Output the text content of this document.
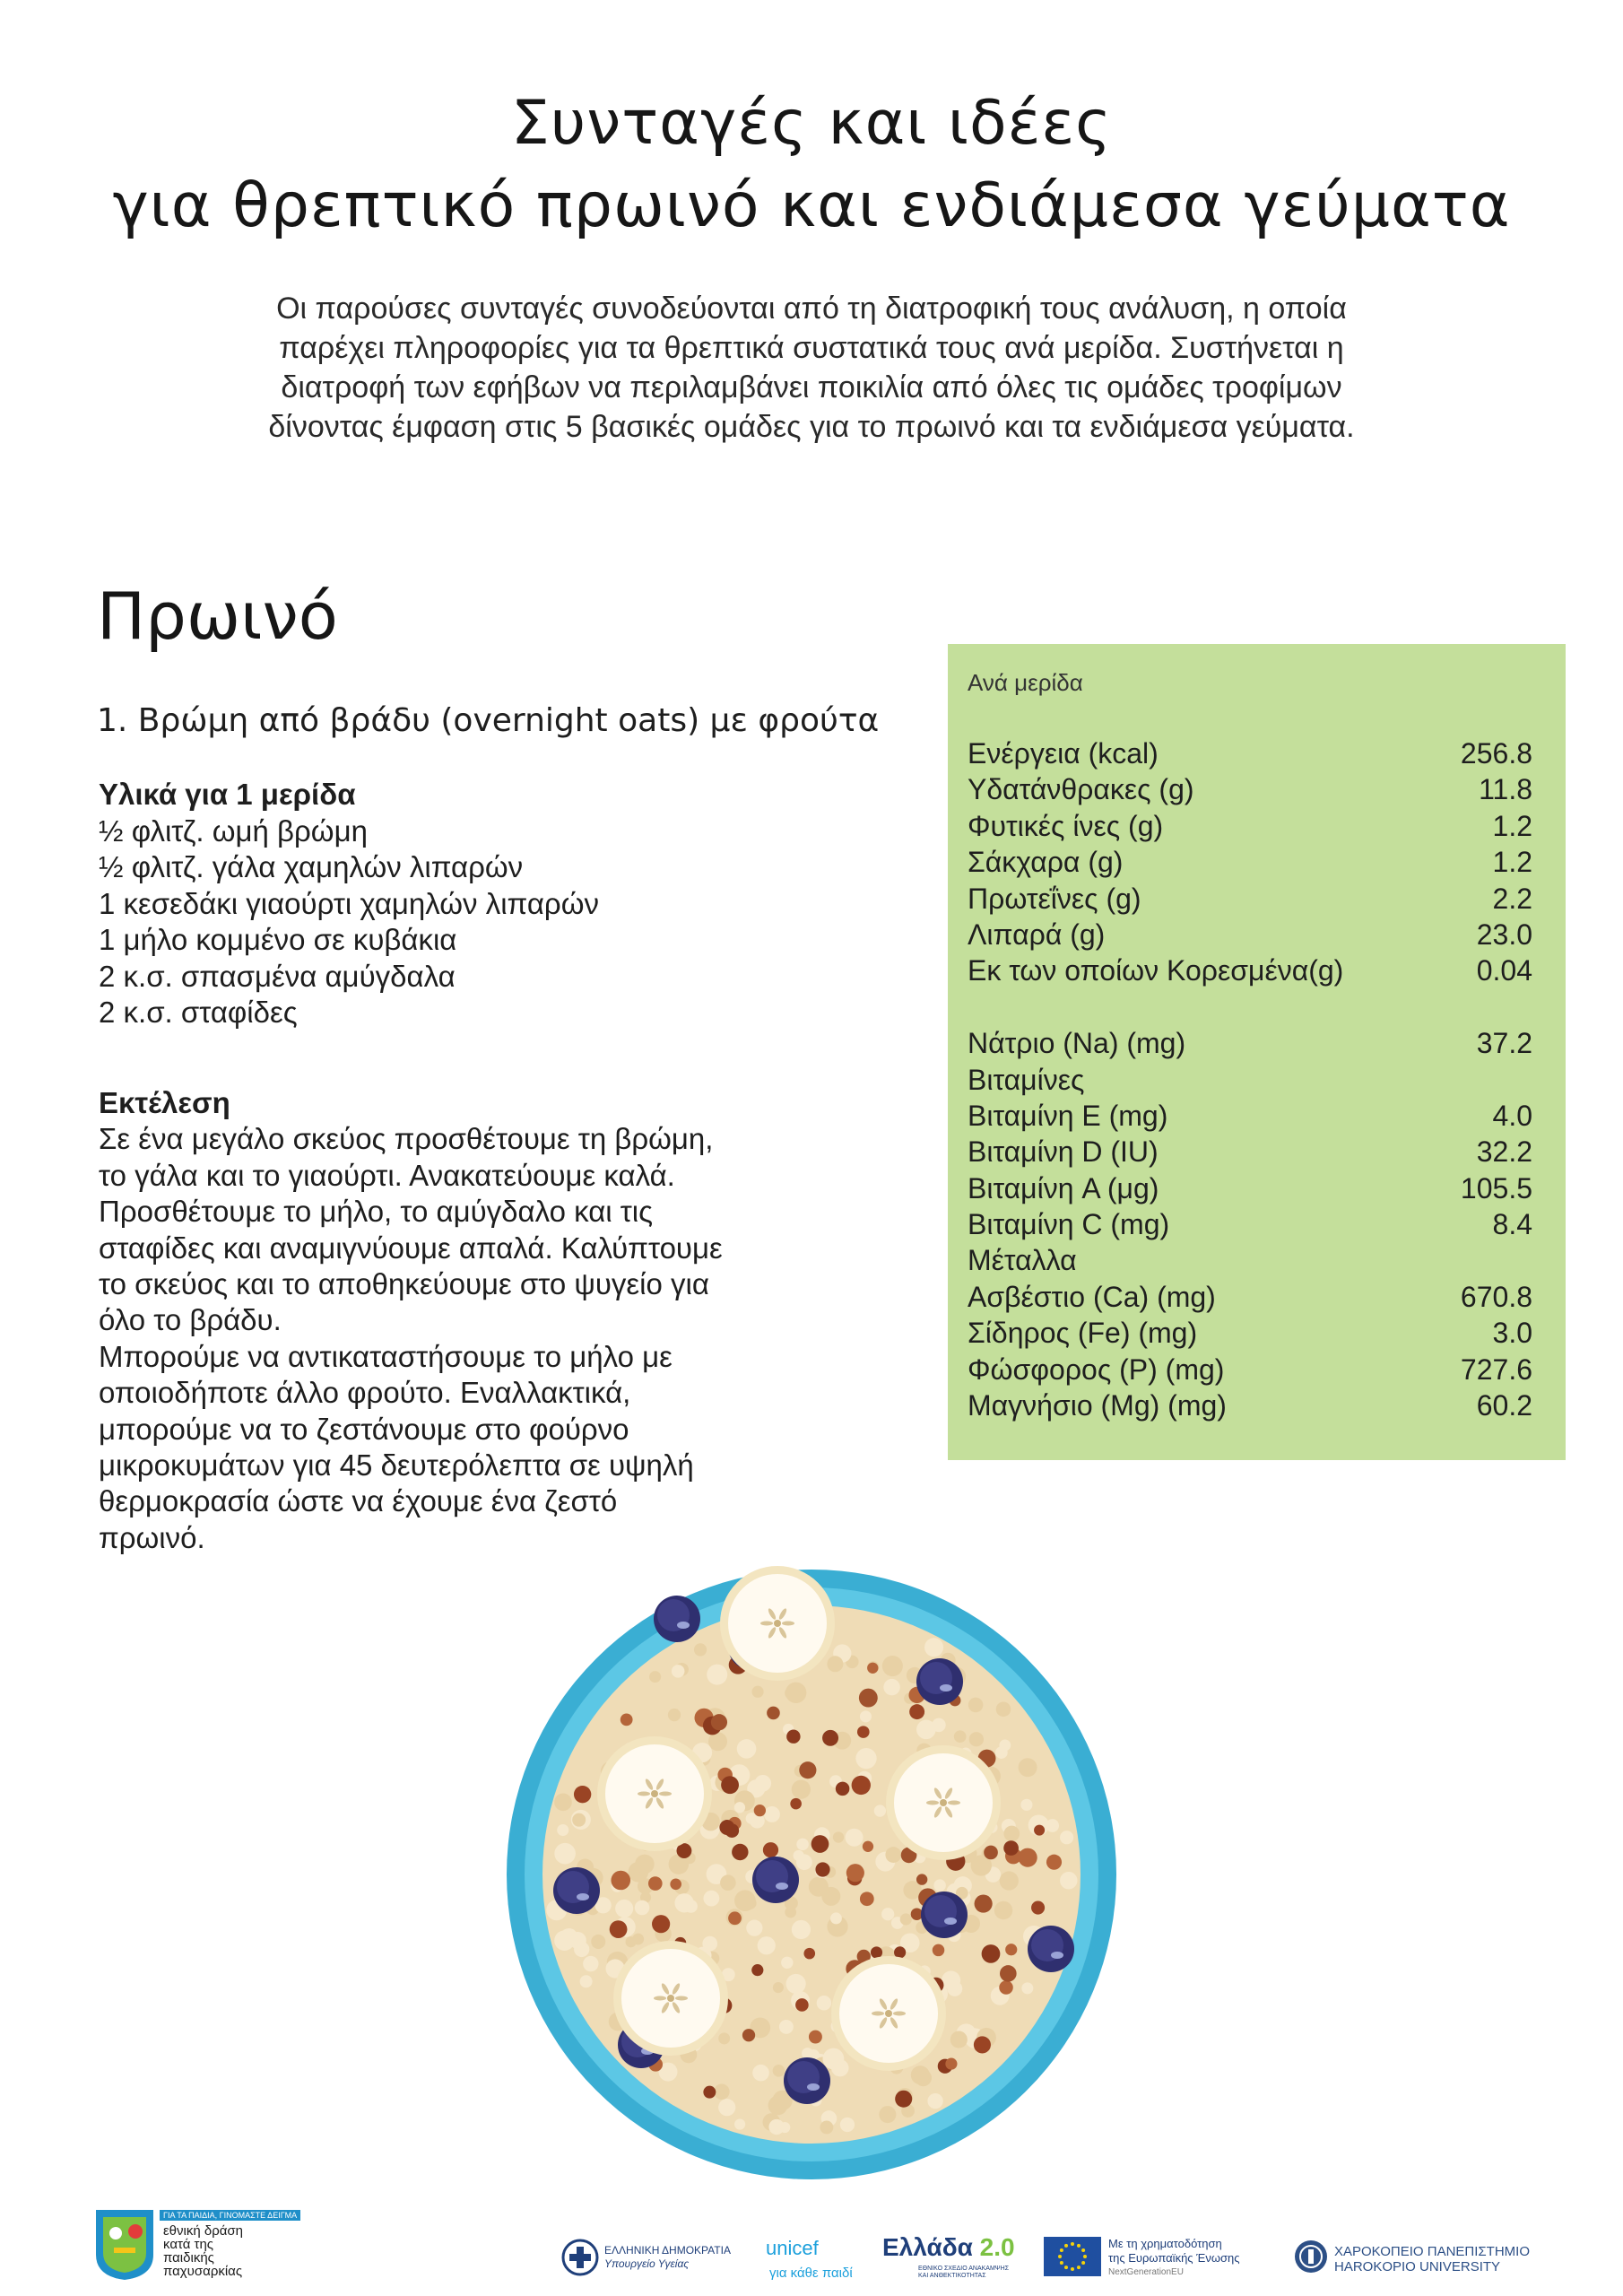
Συνταγές και ιδέες
για θρεπτικό πρωινό και ενδιάμεσα γεύματα
Οι παρούσες συνταγές συνοδεύονται από τη διατροφική τους ανάλυση, η οποία
παρέχει πληροφορίες για τα θρεπτικά συστατικά τους ανά μερίδα. Συστήνεται η
διατροφή των εφήβων να περιλαμβάνει ποικιλία από όλες τις ομάδες τροφίμων
δίνοντας έμφαση στις 5 βασικές ομάδες για το πρωινό και τα ενδιάμεσα γεύματα.
Πρωινό
1. Βρώμη από βράδυ (overnight oats) με φρούτα
Υλικά για 1 μερίδα
½ φλιτζ. ωμή βρώμη
½ φλιτζ. γάλα χαμηλών λιπαρών
1 κεσεδάκι γιαούρτι χαμηλών λιπαρών
1 μήλο κομμένο σε κυβάκια
2 κ.σ. σπασμένα αμύγδαλα
2 κ.σ. σταφίδες
Εκτέλεση
Σε ένα μεγάλο σκεύος προσθέτουμε τη βρώμη,
το γάλα και το γιαούρτι. Ανακατεύουμε καλά.
Προσθέτουμε το μήλο, το αμύγδαλο και τις
σταφίδες και αναμιγνύουμε απαλά. Καλύπτουμε
το σκεύος και το αποθηκεύουμε στο ψυγείο για
όλο το βράδυ.
Μπορούμε να αντικαταστήσουμε το μήλο με
οποιοδήποτε άλλο φρούτο. Εναλλακτικά,
μπορούμε να το ζεστάνουμε στο φούρνο
μικροκυμάτων για 45 δευτερόλεπτα σε υψηλή
θερμοκρασία ώστε να έχουμε ένα ζεστό
πρωινό.
Ανά μερίδα
Ενέργεια (kcal)	256.8
Υδατάνθρακες (g)	11.8
Φυτικές ίνες (g)	1.2
Σάκχαρα (g)	1.2
Πρωτεΐνες (g)	2.2
Λιπαρά (g)	23.0
Εκ των οποίων Κορεσμένα(g)	0.04
Νάτριο (Na) (mg)	37.2
Βιταμίνες
Βιταμίνη Ε (mg)	4.0
Βιταμίνη D (IU)	32.2
Βιταμίνη A (μg)	105.5
Βιταμίνη C (mg)	8.4
Μέταλλα
Ασβέστιο (Ca) (mg)	670.8
Σίδηρος (Fe) (mg)	3.0
Φώσφορος (P) (mg)	727.6
Μαγνήσιο (Mg) (mg)	60.2
ΓΙΑ ΤΑ ΠΑΙΔΙΑ, ΓΙΝΟΜΑΣΤΕ ΔΕΙΓΜΑ
εθνική δράση
κατά της
παιδικής
παχυσαρκίας
ΕΛΛΗΝΙΚΗ ΔΗΜΟΚΡΑΤΙΑ
Υπουργείο Υγείας
unicef
για κάθε παιδί
Ελλάδα 2.0
ΕΘΝΙΚΟ ΣΧΕΔΙΟ ΑΝΑΚΑΜΨΗΣ
ΚΑΙ ΑΝΘΕΚΤΙΚΟΤΗΤΑΣ
Με τη χρηματοδότηση
της Ευρωπαϊκής Ένωσης
NextGenerationEU
ΧΑΡΟΚΟΠΕΙΟ ΠΑΝΕΠΙΣΤΗΜΙΟ
HAROKOPIO UNIVERSITY
